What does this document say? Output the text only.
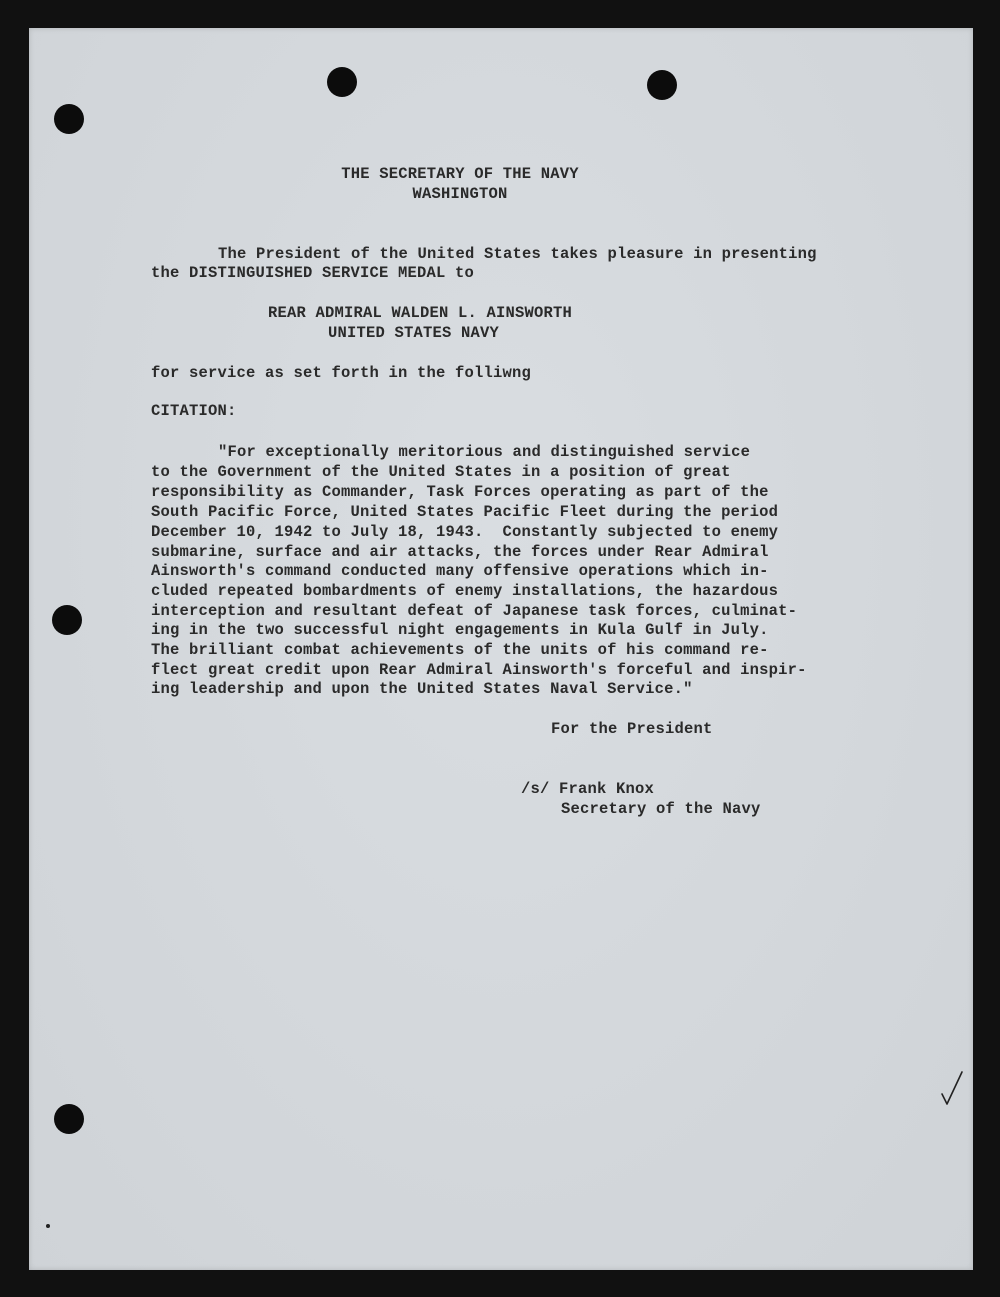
THE SECRETARY OF THE NAVY
WASHINGTON
The President of the United States takes pleasure in presenting
the DISTINGUISHED SERVICE MEDAL to
REAR ADMIRAL WALDEN L. AINSWORTH
UNITED STATES NAVY
for service as set forth in the folliwng
CITATION:
"For exceptionally meritorious and distinguished service
to the Government of the United States in a position of great
responsibility as Commander, Task Forces operating as part of the
South Pacific Force, United States Pacific Fleet during the period
December 10, 1942 to July 18, 1943.  Constantly subjected to enemy
submarine, surface and air attacks, the forces under Rear Admiral
Ainsworth's command conducted many offensive operations which in-
cluded repeated bombardments of enemy installations, the hazardous
interception and resultant defeat of Japanese task forces, culminat-
ing in the two successful night engagements in Kula Gulf in July.
The brilliant combat achievements of the units of his command re-
flect great credit upon Rear Admiral Ainsworth's forceful and inspir-
ing leadership and upon the United States Naval Service."
For the President
/s/ Frank Knox
Secretary of the Navy
